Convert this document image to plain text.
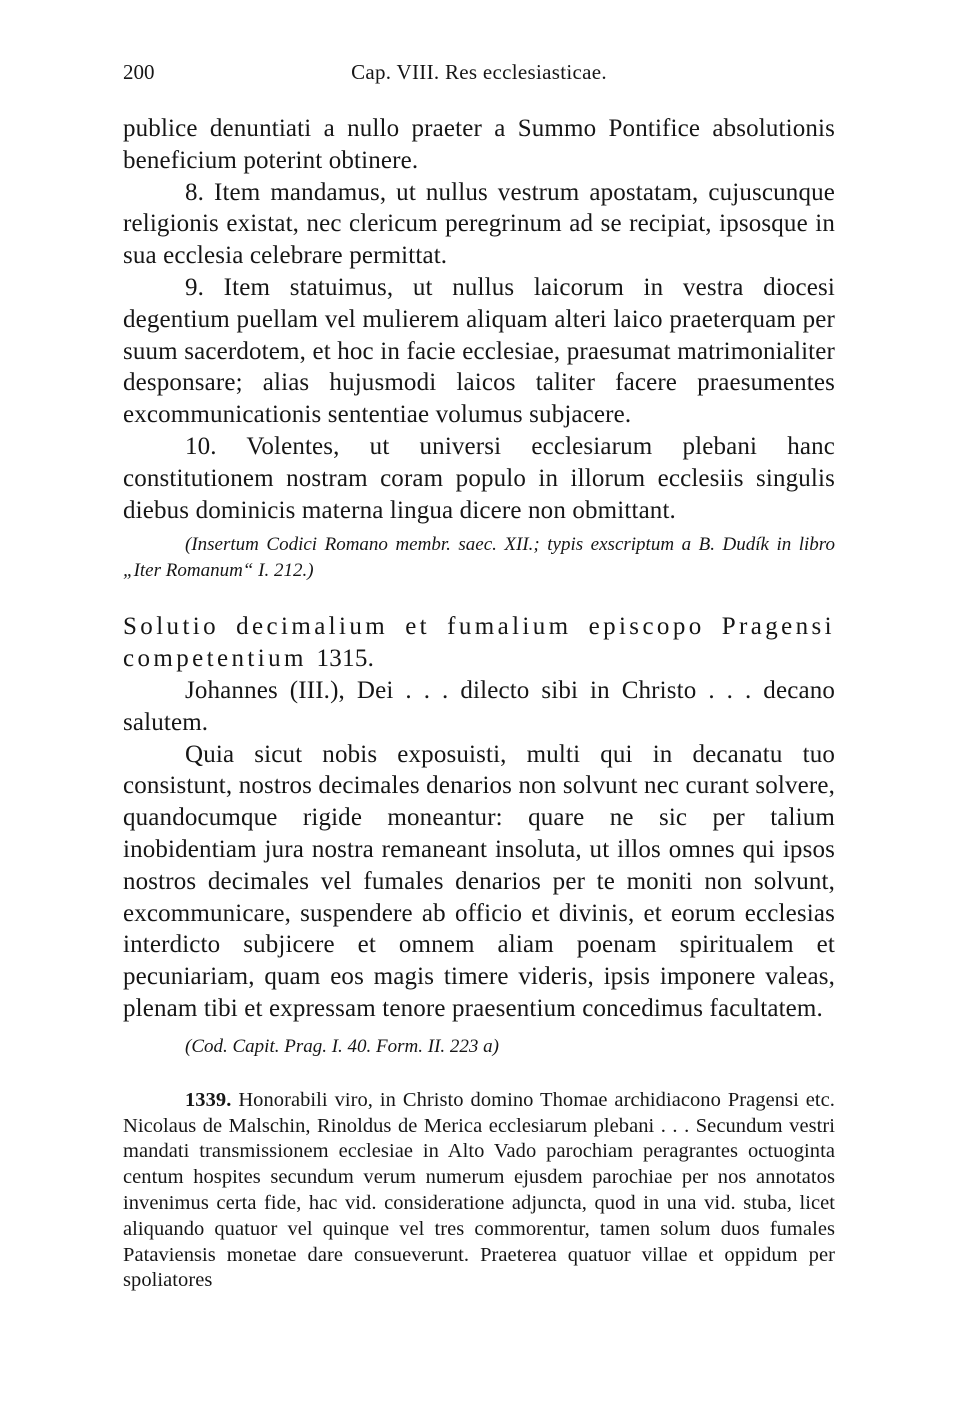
200	Cap. VIII. Res ecclesiasticae.

publice denuntiati a nullo praeter a Summo Pontifice absolutionis beneficium poterint obtinere.

8. Item mandamus, ut nullus vestrum apostatam, cujuscunque religionis existat, nec clericum peregrinum ad se recipiat, ipsosque in sua ecclesia celebrare permittat.

9. Item statuimus, ut nullus laicorum in vestra diocesi degentium puellam vel mulierem aliquam alteri laico praeterquam per suum sacerdotem, et hoc in facie ecclesiae, praesumat matrimonialiter desponsare; alias hujusmodi laicos taliter facere praesumentes excommunicationis sententiae volumus subjacere.

10. Volentes, ut universi ecclesiarum plebani hanc constitutionem nostram coram populo in illorum ecclesiis singulis diebus dominicis materna lingua dicere non obmittant.

(Insertum Codici Romano membr. saec. XII.; typis exscriptum a B. Dudík in libro „Iter Romanum“ I. 212.)

Solutio decimalium et fumalium episcopo Pragensi competentium 1315.

Johannes (III.), Dei . . . dilecto sibi in Christo . . . decano salutem.

Quia sicut nobis exposuisti, multi qui in decanatu tuo consistunt, nostros decimales denarios non solvunt nec curant solvere, quandocumque rigide moneantur: quare ne sic per talium inobidentiam jura nostra remaneant insoluta, ut illos omnes qui ipsos nostros decimales vel fumales denarios per te moniti non solvunt, excommunicare, suspendere ab officio et divinis, et eorum ecclesias interdicto subjicere et omnem aliam poenam spiritualem et pecuniariam, quam eos magis timere videris, ipsis imponere valeas, plenam tibi et expressam tenore praesentium concedimus facultatem.

(Cod. Capit. Prag. I. 40. Form. II. 223 a)

1339. Honorabili viro, in Christo domino Thomae archidiacono Pragensi etc. Nicolaus de Malschin, Rinoldus de Merica ecclesiarum plebani . . . Secundum vestri mandati transmissionem ecclesiae in Alto Vado parochiam peragrantes octuoginta centum hospites secundum verum numerum ejusdem parochiae per nos annotatos invenimus certa fide, hac vid. consideratione adjuncta, quod in una vid. stuba, licet aliquando quatuor vel quinque vel tres commorentur, tamen solum duos fumales Pataviensis monetae dare consueverunt. Praeterea quatuor villae et oppidum per spoliatores
